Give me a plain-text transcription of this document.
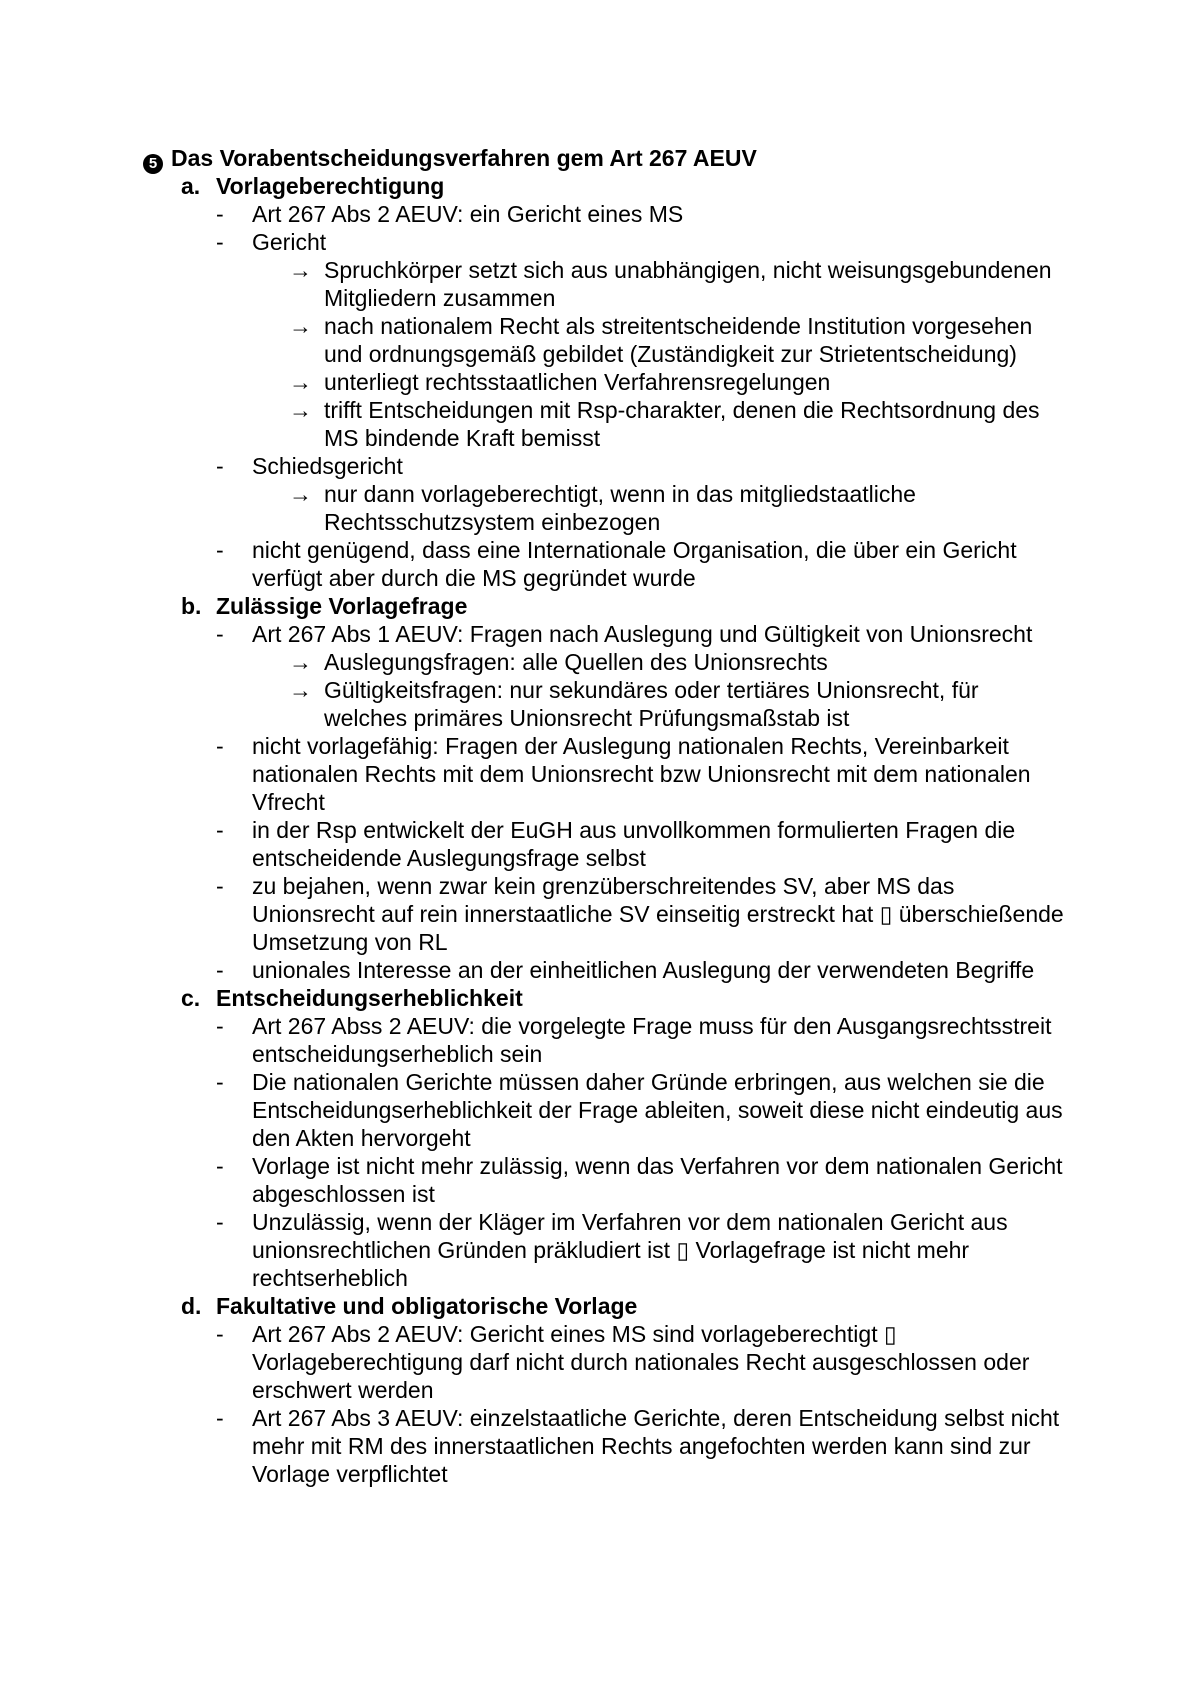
5 Das Vorabentscheidungsverfahren gem Art 267 AEUV
a. Vorlageberechtigung
- Art 267 Abs 2 AEUV: ein Gericht eines MS
- Gericht
→ Spruchkörper setzt sich aus unabhängigen, nicht weisungsgebundenen Mitgliedern zusammen
→ nach nationalem Recht als streitentscheidende Institution vorgesehen und ordnungsgemäß gebildet (Zuständigkeit zur Strietentscheidung)
→ unterliegt rechtsstaatlichen Verfahrensregelungen
→ trifft Entscheidungen mit Rsp-charakter, denen die Rechtsordnung des MS bindende Kraft bemisst
- Schiedsgericht
→ nur dann vorlageberechtigt, wenn in das mitgliedstaatliche Rechtsschutzsystem einbezogen
- nicht genügend, dass eine Internationale Organisation, die über ein Gericht verfügt aber durch die MS gegründet wurde
b. Zulässige Vorlagefrage
- Art 267 Abs 1 AEUV: Fragen nach Auslegung und Gültigkeit von Unionsrecht
→ Auslegungsfragen: alle Quellen des Unionsrechts
→ Gültigkeitsfragen: nur sekundäres oder tertiäres Unionsrecht, für welches primäres Unionsrecht Prüfungsmaßstab ist
- nicht vorlagefähig: Fragen der Auslegung nationalen Rechts, Vereinbarkeit nationalen Rechts mit dem Unionsrecht bzw Unionsrecht mit dem nationalen Vfrecht
- in der Rsp entwickelt der EuGH aus unvollkommen formulierten Fragen die entscheidende Auslegungsfrage selbst
- zu bejahen, wenn zwar kein grenzüberschreitendes SV, aber MS das Unionsrecht auf rein innerstaatliche SV einseitig erstreckt hat ▯ überschießende Umsetzung von RL
- unionales Interesse an der einheitlichen Auslegung der verwendeten Begriffe
c. Entscheidungserheblichkeit
- Art 267 Abss 2 AEUV: die vorgelegte Frage muss für den Ausgangsrechtsstreit entscheidungserheblich sein
- Die nationalen Gerichte müssen daher Gründe erbringen, aus welchen sie die Entscheidungserheblichkeit der Frage ableiten, soweit diese nicht eindeutig aus den Akten hervorgeht
- Vorlage ist nicht mehr zulässig, wenn das Verfahren vor dem nationalen Gericht abgeschlossen ist
- Unzulässig, wenn der Kläger im Verfahren vor dem nationalen Gericht aus unionsrechtlichen Gründen präkludiert ist ▯ Vorlagefrage ist nicht mehr rechtserheblich
d. Fakultative und obligatorische Vorlage
- Art 267 Abs 2 AEUV: Gericht eines MS sind vorlageberechtigt ▯ Vorlageberechtigung darf nicht durch nationales Recht ausgeschlossen oder erschwert werden
- Art 267 Abs 3 AEUV: einzelstaatliche Gerichte, deren Entscheidung selbst nicht mehr mit RM des innerstaatlichen Rechts angefochten werden kann sind zur Vorlage verpflichtet
